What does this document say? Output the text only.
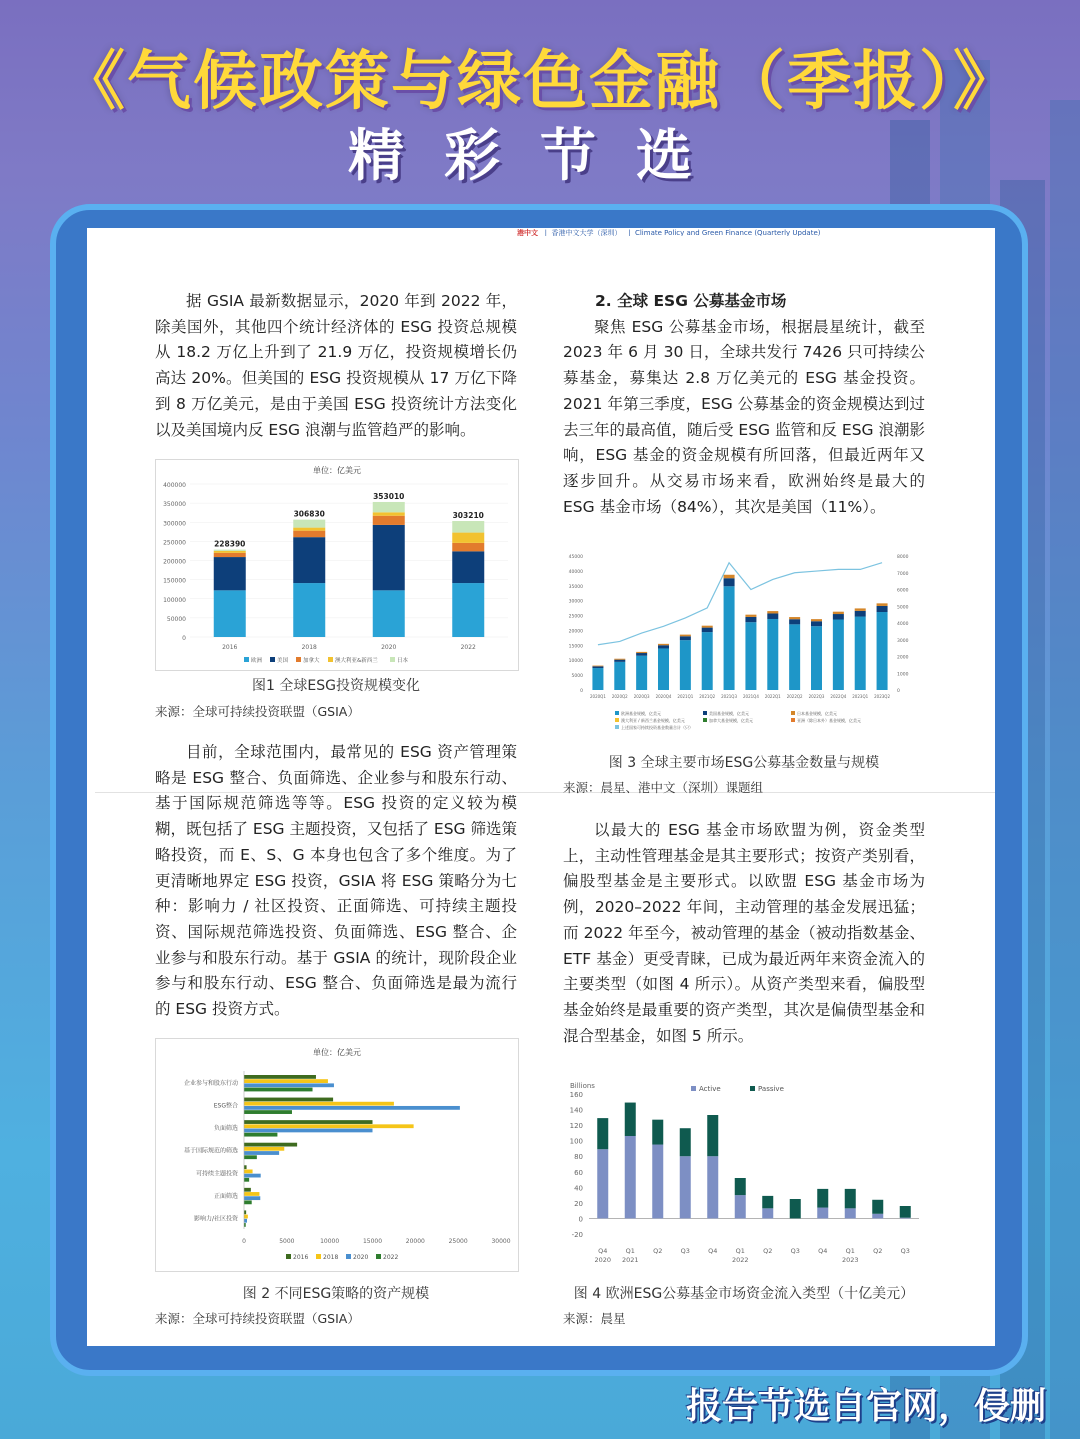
《气候政策与绿色金融（季报）》
精彩节选
港中文   |  香港中文大学（深圳）   |  Climate Policy and Green Finance (Quarterly Update)

据 GSIA 最新数据显示，2020 年到 2022 年，除美国外，其他四个统计经济体的 ESG 投资总规模从 18.2 万亿上升到了 21.9 万亿，投资规模增长仍高达 20%。但美国的 ESG 投资规模从 17 万亿下降到 8 万亿美元，是由于美国 ESG 投资统计方法变化以及美国境内反 ESG 浪潮与监管趋严的影响。

单位：亿美元
400000
350000
300000
250000
200000
150000
100000
50000
0
228390
2016
306830
2018
353010
2020
303210
2022
欧洲	美国	加拿大	澳大利亚&新西兰	日本
图1 全球ESG投资规模变化
来源：全球可持续投资联盟（GSIA）

目前，全球范围内，最常见的 ESG 资产管理策略是 ESG 整合、负面筛选、企业参与和股东行动、基于国际规范筛选等等。ESG 投资的定义较为模糊，既包括了 ESG 主题投资，又包括了 ESG 筛选策略投资，而 E、S、G 本身也包含了多个维度。为了更清晰地界定 ESG 投资，GSIA 将 ESG 策略分为七种：影响力 / 社区投资、正面筛选、可持续主题投资、国际规范筛选投资、负面筛选、ESG 整合、企业参与和股东行动。基于 GSIA 的统计，现阶段企业参与和股东行动、ESG 整合、负面筛选是最为流行的 ESG 投资方式。

单位：亿美元
企业参与和股东行动
ESG整合
负面筛选
基于国际规范的筛选
可持续主题投资
正面筛选
影响力/社区投资
0	5000	10000	15000	20000	25000	30000
2016 2018 2020 2022
图 2 不同ESG策略的资产规模
来源：全球可持续投资联盟（GSIA）

2. 全球 ESG 公募基金市场

聚焦 ESG 公募基金市场，根据晨星统计，截至 2023 年 6 月 30 日，全球共发行 7426 只可持续公募基金，募集达 2.8 万亿美元的 ESG 基金投资。2021 年第三季度，ESG 公募基金的资金规模达到过去三年的最高值，随后受 ESG 监管和反 ESG 浪潮影响，ESG 基金的资金规模有所回落，但最近两年又逐步回升。从交易市场来看，欧洲始终是最大的 ESG 基金市场（84%），其次是美国（11%）。

45000
40000
35000
30000
25000
20000
15000
10000
5000
0
8000
7000
6000
5000
4000
3000
2000
1000
0
2020Q1 2020Q2 2020Q3 2020Q4 2021Q1 2021Q2 2021Q3 2021Q4 2022Q1 2022Q2 2022Q3 2022Q4 2023Q1 2023Q2
欧洲基金规模，亿美元	美国基金规模，亿美元	日本基金规模，亿美元
澳大利亚 / 新西兰基金规模，亿美元	加拿大基金规模，亿美元	亚洲（除日本外）基金规模，亿美元
上述国家可持续投资基金数量合计（只）
图 3 全球主要市场ESG公募基金数量与规模
来源：晨星、港中文（深圳）课题组

以最大的 ESG 基金市场欧盟为例，资金类型上，主动性管理基金是其主要形式；按资产类别看，偏股型基金是主要形式。以欧盟 ESG 基金市场为例，2020–2022 年间，主动管理的基金发展迅猛；而 2022 年至今，被动管理的基金（被动指数基金、ETF 基金）更受青睐，已成为最近两年来资金流入的主要类型（如图 4 所示）。从资产类型来看，偏股型基金始终是最重要的资产类型，其次是偏债型基金和混合型基金，如图 5 所示。

Billions
160
140
120
100
80
60
40
20
0
-20
Active	Passive
Q4
2020
Q1
2021
Q2	Q3	Q4	Q1
2022
Q2	Q3	Q4	Q1
2023
Q2	Q3
图 4 欧洲ESG公募基金市场资金流入类型（十亿美元）
来源：晨星
报告节选自官网，侵删
